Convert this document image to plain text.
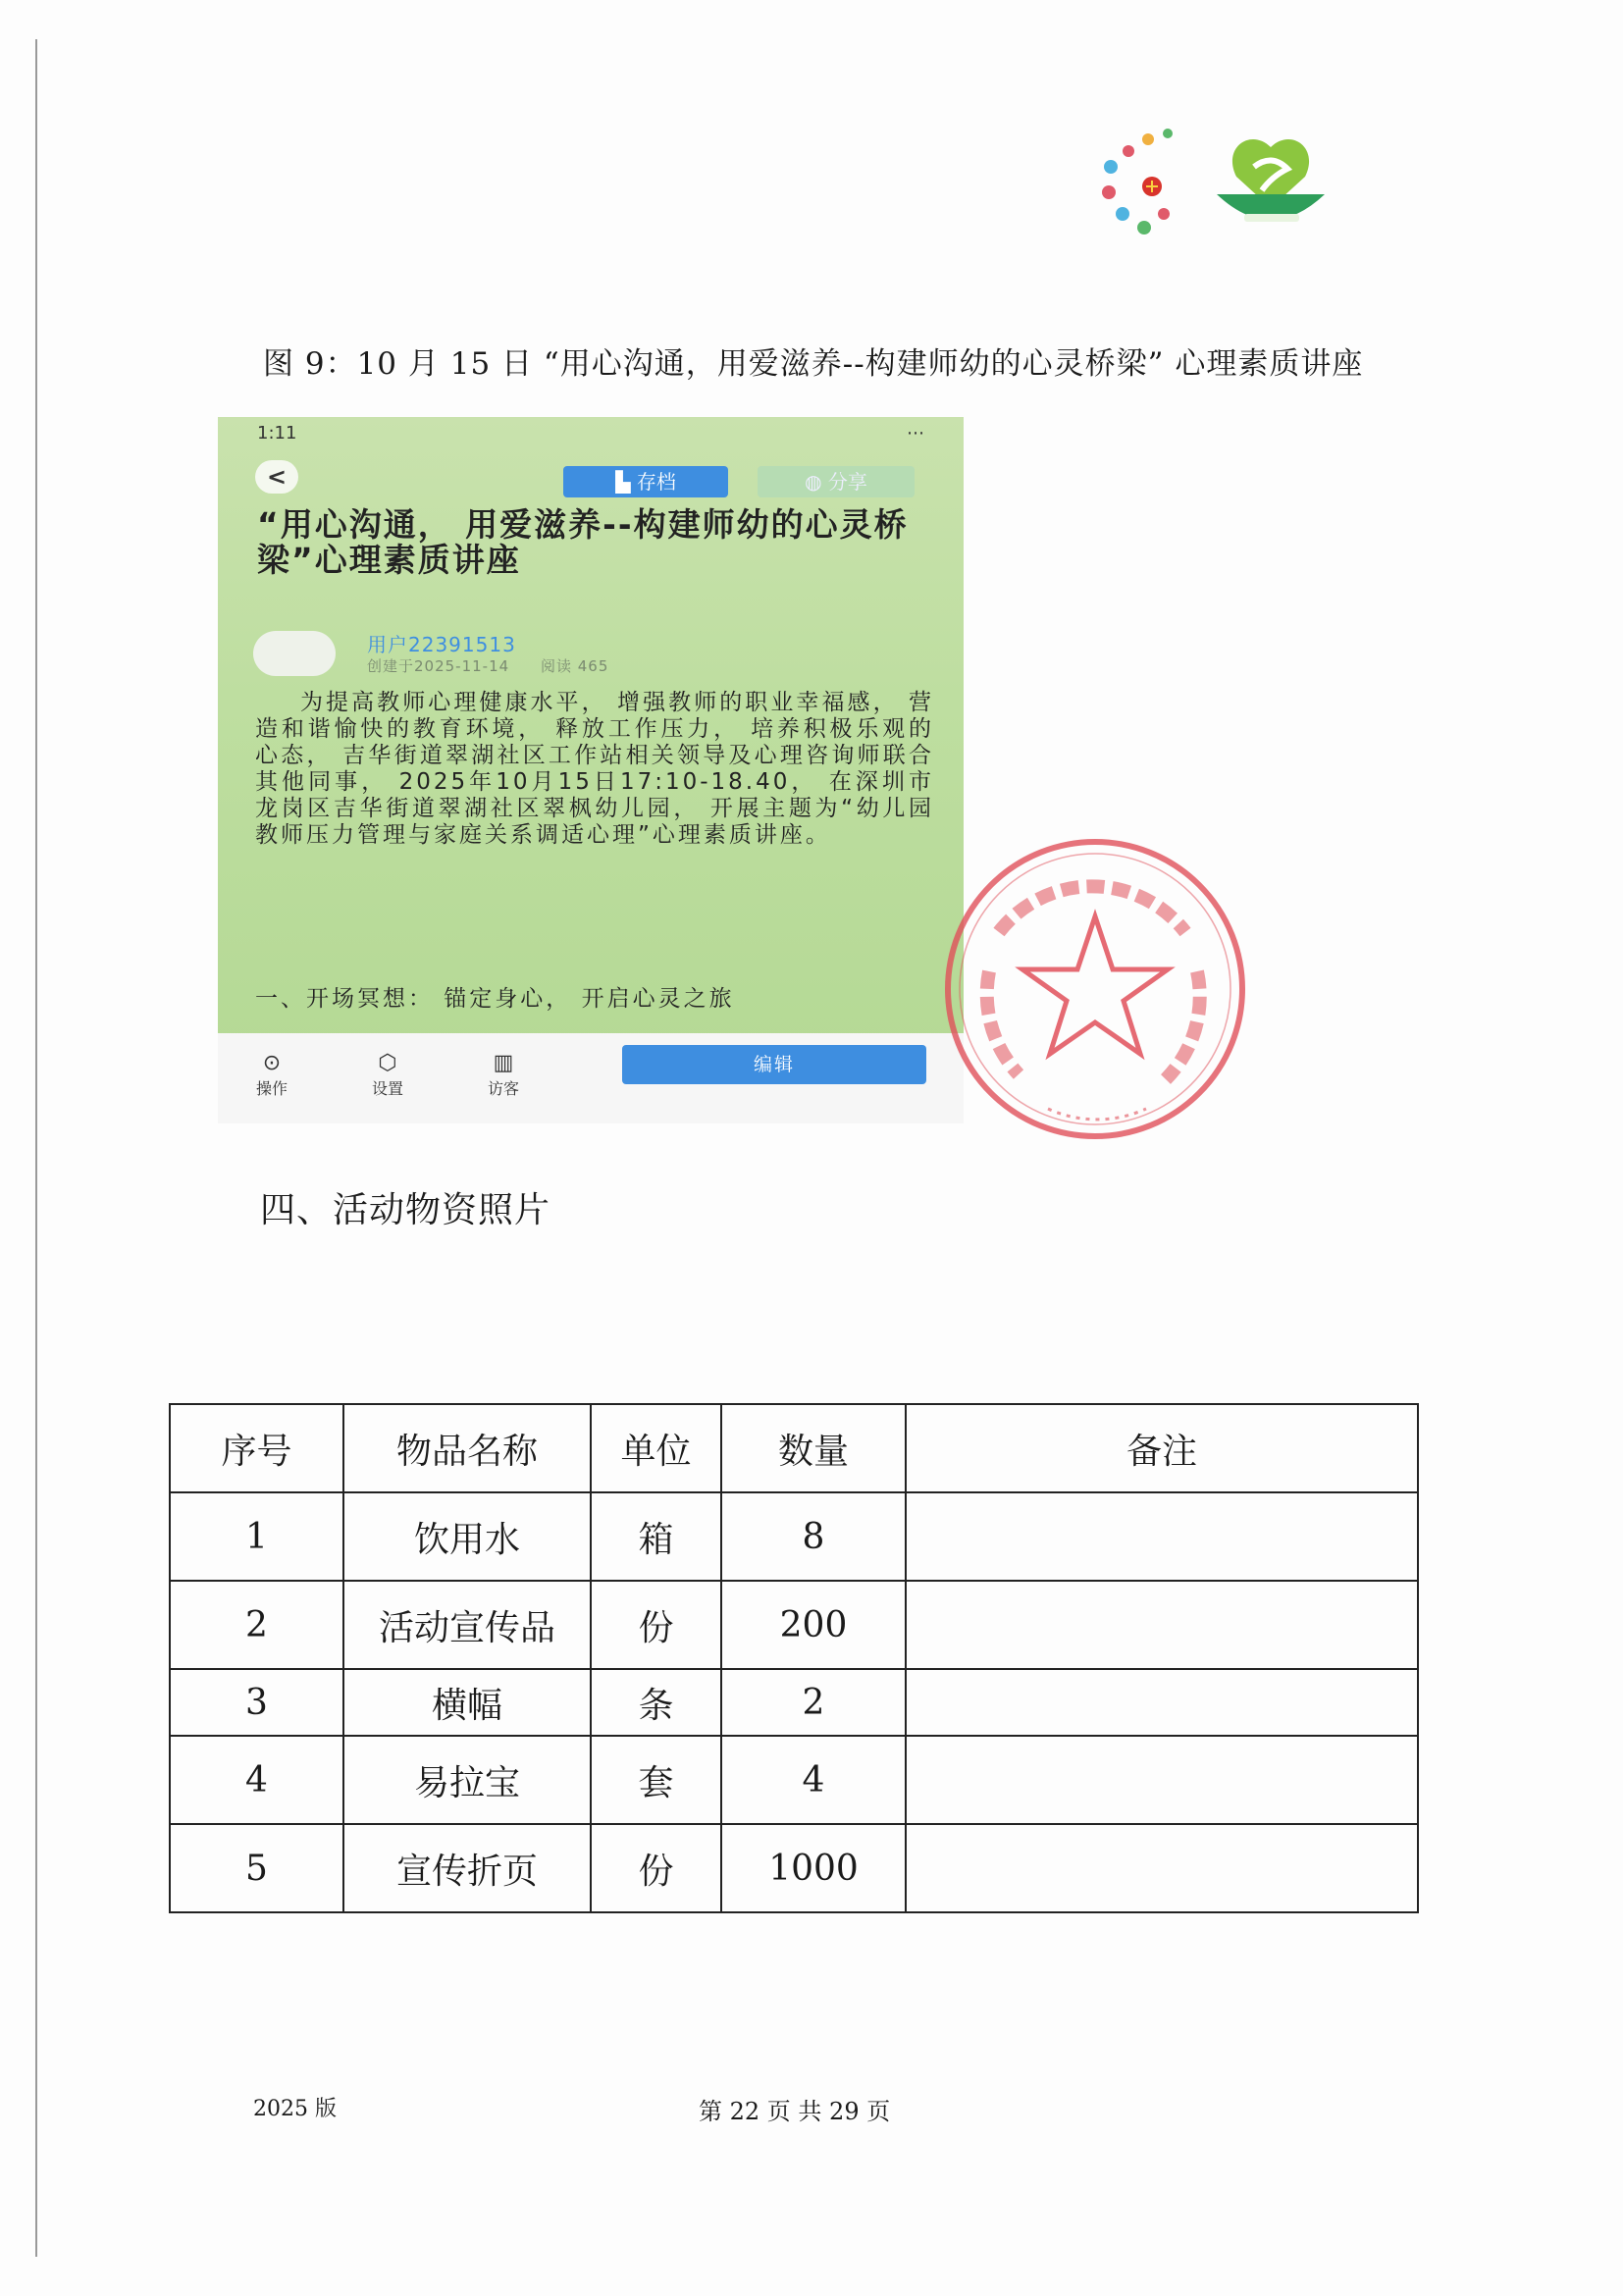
图 9：10 月 15 日 “用心沟通，用爱滋养--构建师幼的心灵桥梁” 心理素质讲座
1:11	⋯
<	▙ 存档	◍ 分享
“用心沟通， 用爱滋养--构建师幼的心灵桥梁”心理素质讲座
用户22391513
创建于2025-11-14 阅读 465
为提高教师心理健康水平， 增强教师的职业幸福感， 营造和谐愉快的教育环境， 释放工作压力， 培养积极乐观的心态， 吉华街道翠湖社区工作站相关领导及心理咨询师联合其他同事， 2025年10月15日17:10-18.40， 在深圳市龙岗区吉华街道翠湖社区翠枫幼儿园， 开展主题为“幼儿园教师压力管理与家庭关系调适心理”心理素质讲座。
一、开场冥想： 锚定身心， 开启心灵之旅
⊙
操作
⬡
设置
▥
访客
编辑
四、活动物资照片
序号	物品名称	单位	数量	备注
1	饮用水	箱	8	
2	活动宣传品	份	200	
3	横幅	条	2	
4	易拉宝	套	4	
5	宣传折页	份	1000	
2025 版	第 22 页 共 29 页
